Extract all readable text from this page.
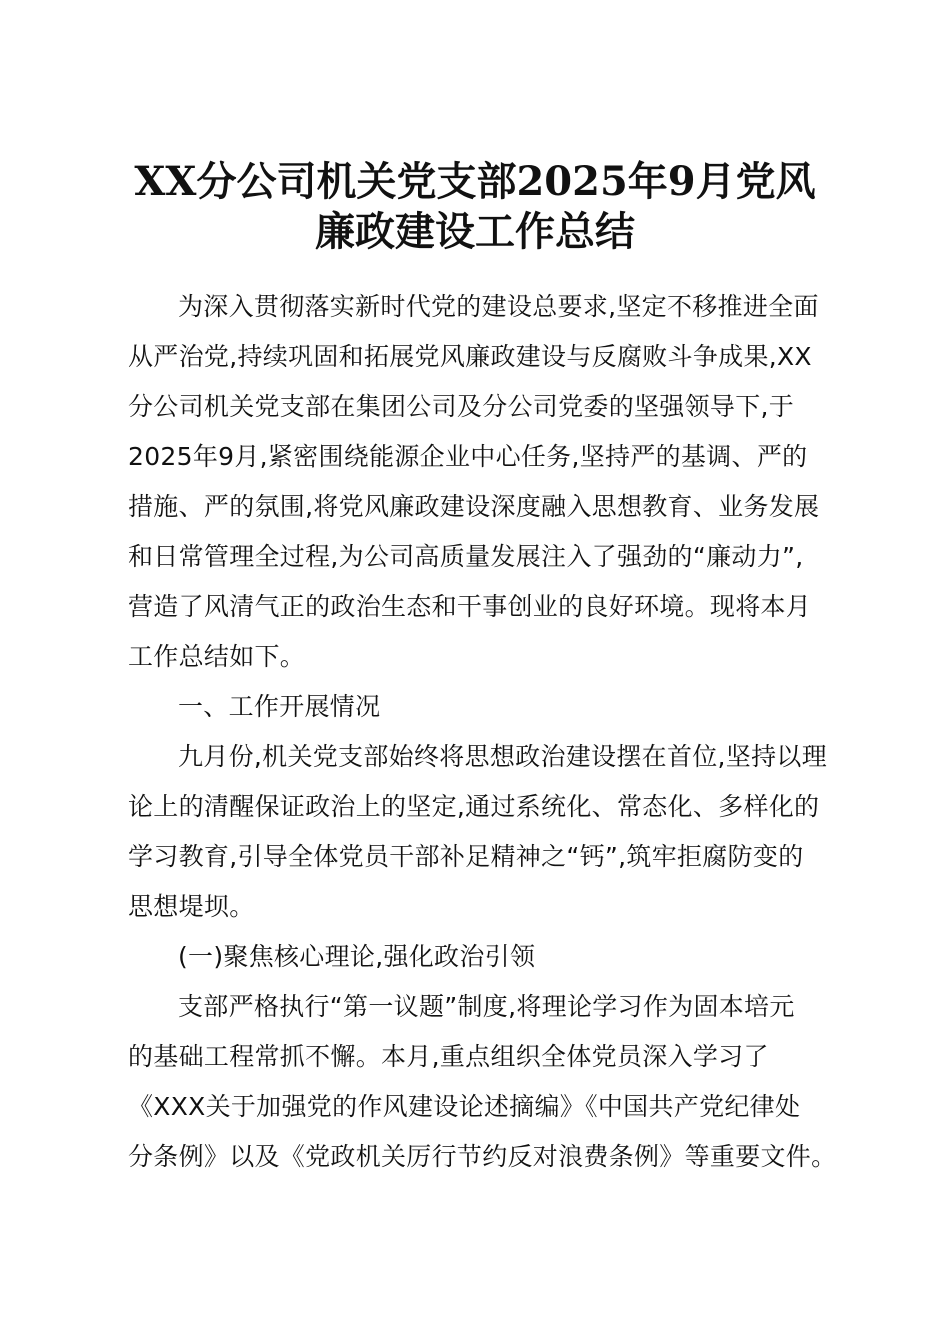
XX分公司机关党支部2025年9月党风
廉政建设工作总结
为深入贯彻落实新时代党的建设总要求,坚定不移推进全面
从严治党,持续巩固和拓展党风廉政建设与反腐败斗争成果,XX
分公司机关党支部在集团公司及分公司党委的坚强领导下,于
2025年9月,紧密围绕能源企业中心任务,坚持严的基调、严的
措施、严的氛围,将党风廉政建设深度融入思想教育、业务发展
和日常管理全过程,为公司高质量发展注入了强劲的“廉动力”,
营造了风清气正的政治生态和干事创业的良好环境。现将本月
工作总结如下。
一、工作开展情况
九月份,机关党支部始终将思想政治建设摆在首位,坚持以理
论上的清醒保证政治上的坚定,通过系统化、常态化、多样化的
学习教育,引导全体党员干部补足精神之“钙”,筑牢拒腐防变的
思想堤坝。
(一)聚焦核心理论,强化政治引领
支部严格执行“第一议题”制度,将理论学习作为固本培元
的基础工程常抓不懈。本月,重点组织全体党员深入学习了
《XXX关于加强党的作风建设论述摘编》《中国共产党纪律处
分条例》以及《党政机关厉行节约反对浪费条例》等重要文件。
